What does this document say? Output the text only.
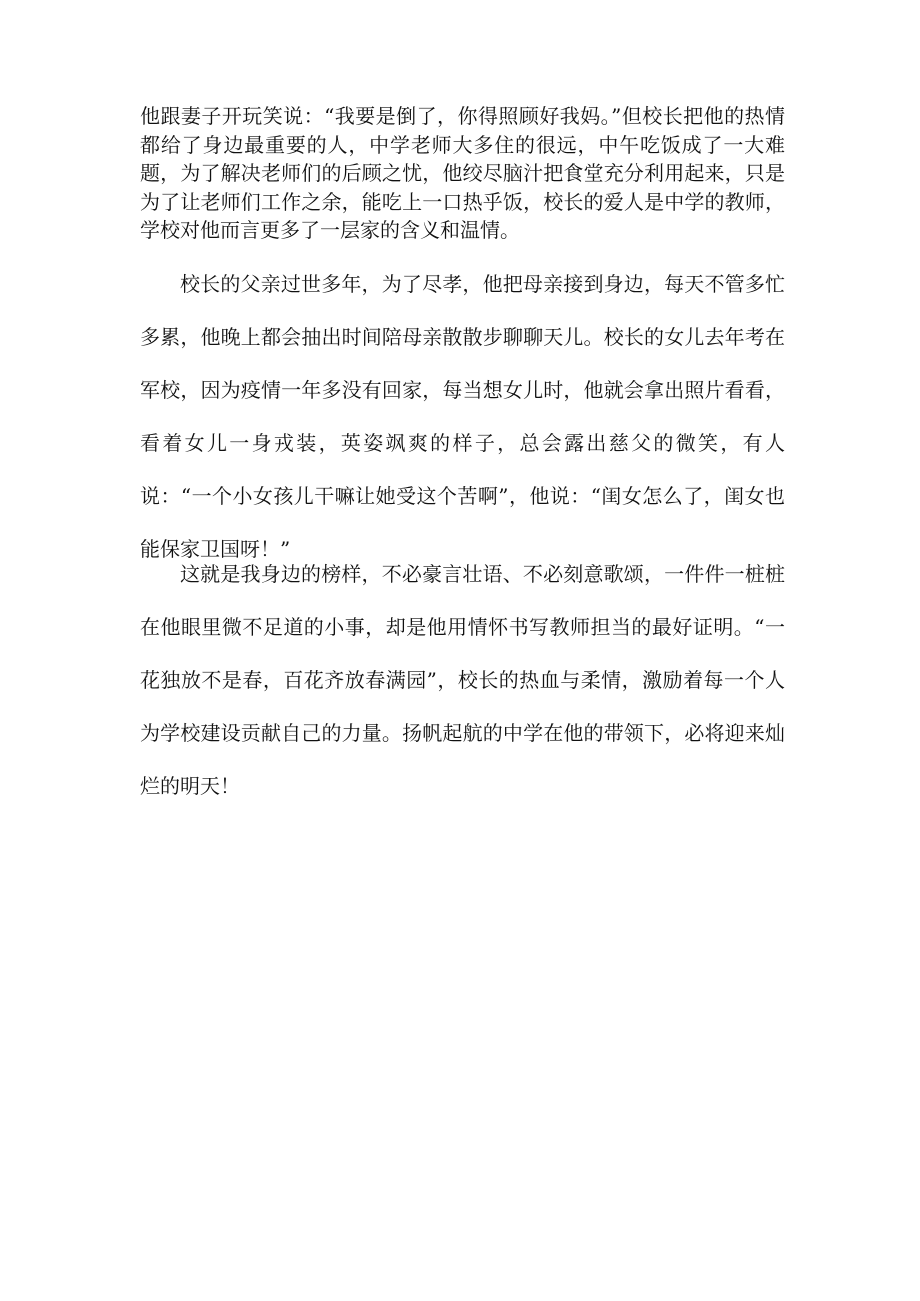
他跟妻子开玩笑说：“我要是倒了，你得照顾好我妈。”但校长把他的热情都给了身边最重要的人，中学老师大多住的很远，中午吃饭成了一大难题，为了解决老师们的后顾之忧，他绞尽脑汁把食堂充分利用起来，只是为了让老师们工作之余，能吃上一口热乎饭，校长的爱人是中学的教师，学校对他而言更多了一层家的含义和温情。

校长的父亲过世多年，为了尽孝，他把母亲接到身边，每天不管多忙多累，他晚上都会抽出时间陪母亲散散步聊聊天儿。校长的女儿去年考在军校，因为疫情一年多没有回家，每当想女儿时，他就会拿出照片看看，看着女儿一身戎装，英姿飒爽的样子，总会露出慈父的微笑，有人说：“一个小女孩儿干嘛让她受这个苦啊”，他说：“闺女怎么了，闺女也能保家卫国呀！”

这就是我身边的榜样，不必豪言壮语、不必刻意歌颂，一件件一桩桩在他眼里微不足道的小事，却是他用情怀书写教师担当的最好证明。“一花独放不是春，百花齐放春满园”，校长的热血与柔情，激励着每一个人为学校建设贡献自己的力量。扬帆起航的中学在他的带领下，必将迎来灿烂的明天！
